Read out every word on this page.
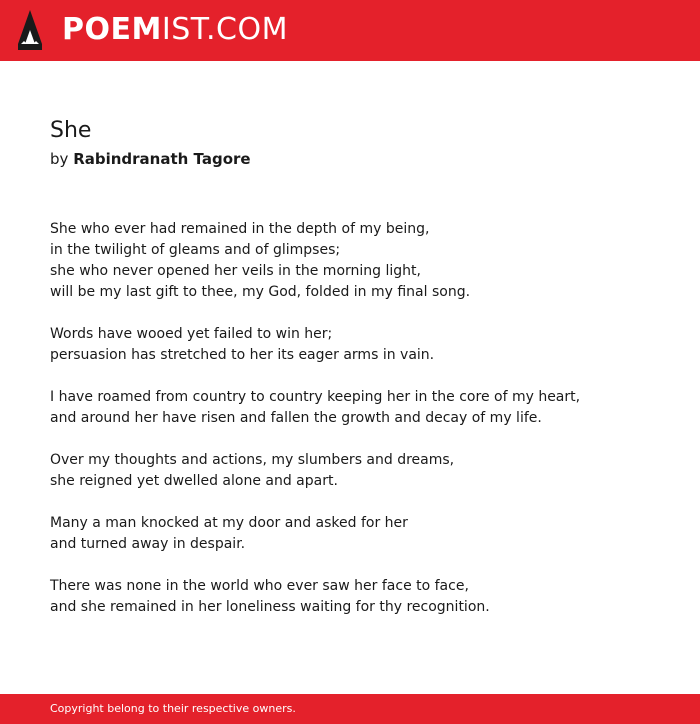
POEMIST.COM
She
by Rabindranath Tagore
She who ever had remained in the depth of my being,
in the twilight of gleams and of glimpses;
she who never opened her veils in the morning light,
will be my last gift to thee, my God, folded in my final song.
Words have wooed yet failed to win her;
persuasion has stretched to her its eager arms in vain.
I have roamed from country to country keeping her in the core of my heart,
and around her have risen and fallen the growth and decay of my life.
Over my thoughts and actions, my slumbers and dreams,
she reigned yet dwelled alone and apart.
Many a man knocked at my door and asked for her
and turned away in despair.
There was none in the world who ever saw her face to face,
and she remained in her loneliness waiting for thy recognition.
Copyright belong to their respective owners.
